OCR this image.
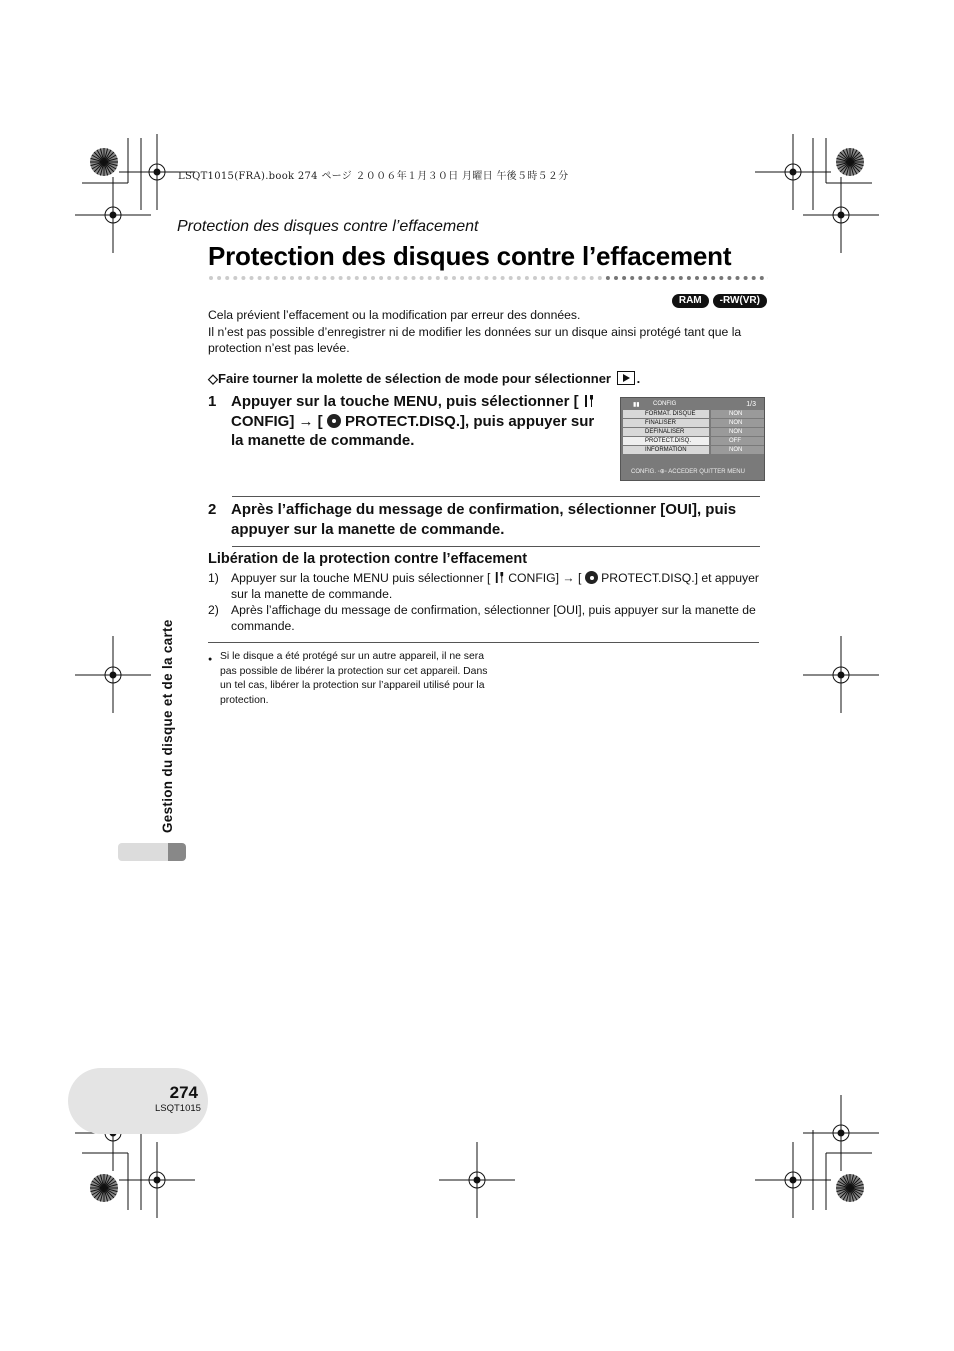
LSQT1015(FRA).book 274 ページ ２００６年１月３０日 月曜日 午後５時５２分
Protection des disques contre l’effacement
Protection des disques contre l’effacement
RAM	-RW(VR)

Cela prévient l’effacement ou la modification par erreur des données.

Il n’est pas possible d’enregistrer ni de modifier les données sur un disque ainsi protégé tant que la protection n’est pas levée.

◇Faire tourner la molette de sélection de mode pour sélectionner .
1 Appuyer sur la touche MENU, puis sélectionner [  CONFIG] → [ PROTECT.DISQ.], puis appuyer sur la manette de commande.
▮▮ CONFIG	1/3
FORMAT. DISQUE	NON
FINALISER	NON
DEFINALISER	NON
PROTECT.DISQ.	OFF
INFORMATION	NON
CONFIG. ◦⊕◦ ACCEDER QUITTER MENU
2 Après l’affichage du message de confirmation, sélectionner [OUI], puis appuyer sur la manette de commande.
Libération de la protection contre l’effacement
1) Appuyer sur la touche MENU puis sélectionner [ CONFIG] → [ PROTECT.DISQ.] et appuyer sur la manette de commande.
2) Après l’affichage du message de confirmation, sélectionner [OUI], puis appuyer sur la manette de commande.
● Si le disque a été protégé sur un autre appareil, il ne sera pas possible de libérer la protection sur cet appareil. Dans un tel cas, libérer la protection sur l’appareil utilisé pour la protection.
Gestion du disque et de la carte
274
LSQT1015
